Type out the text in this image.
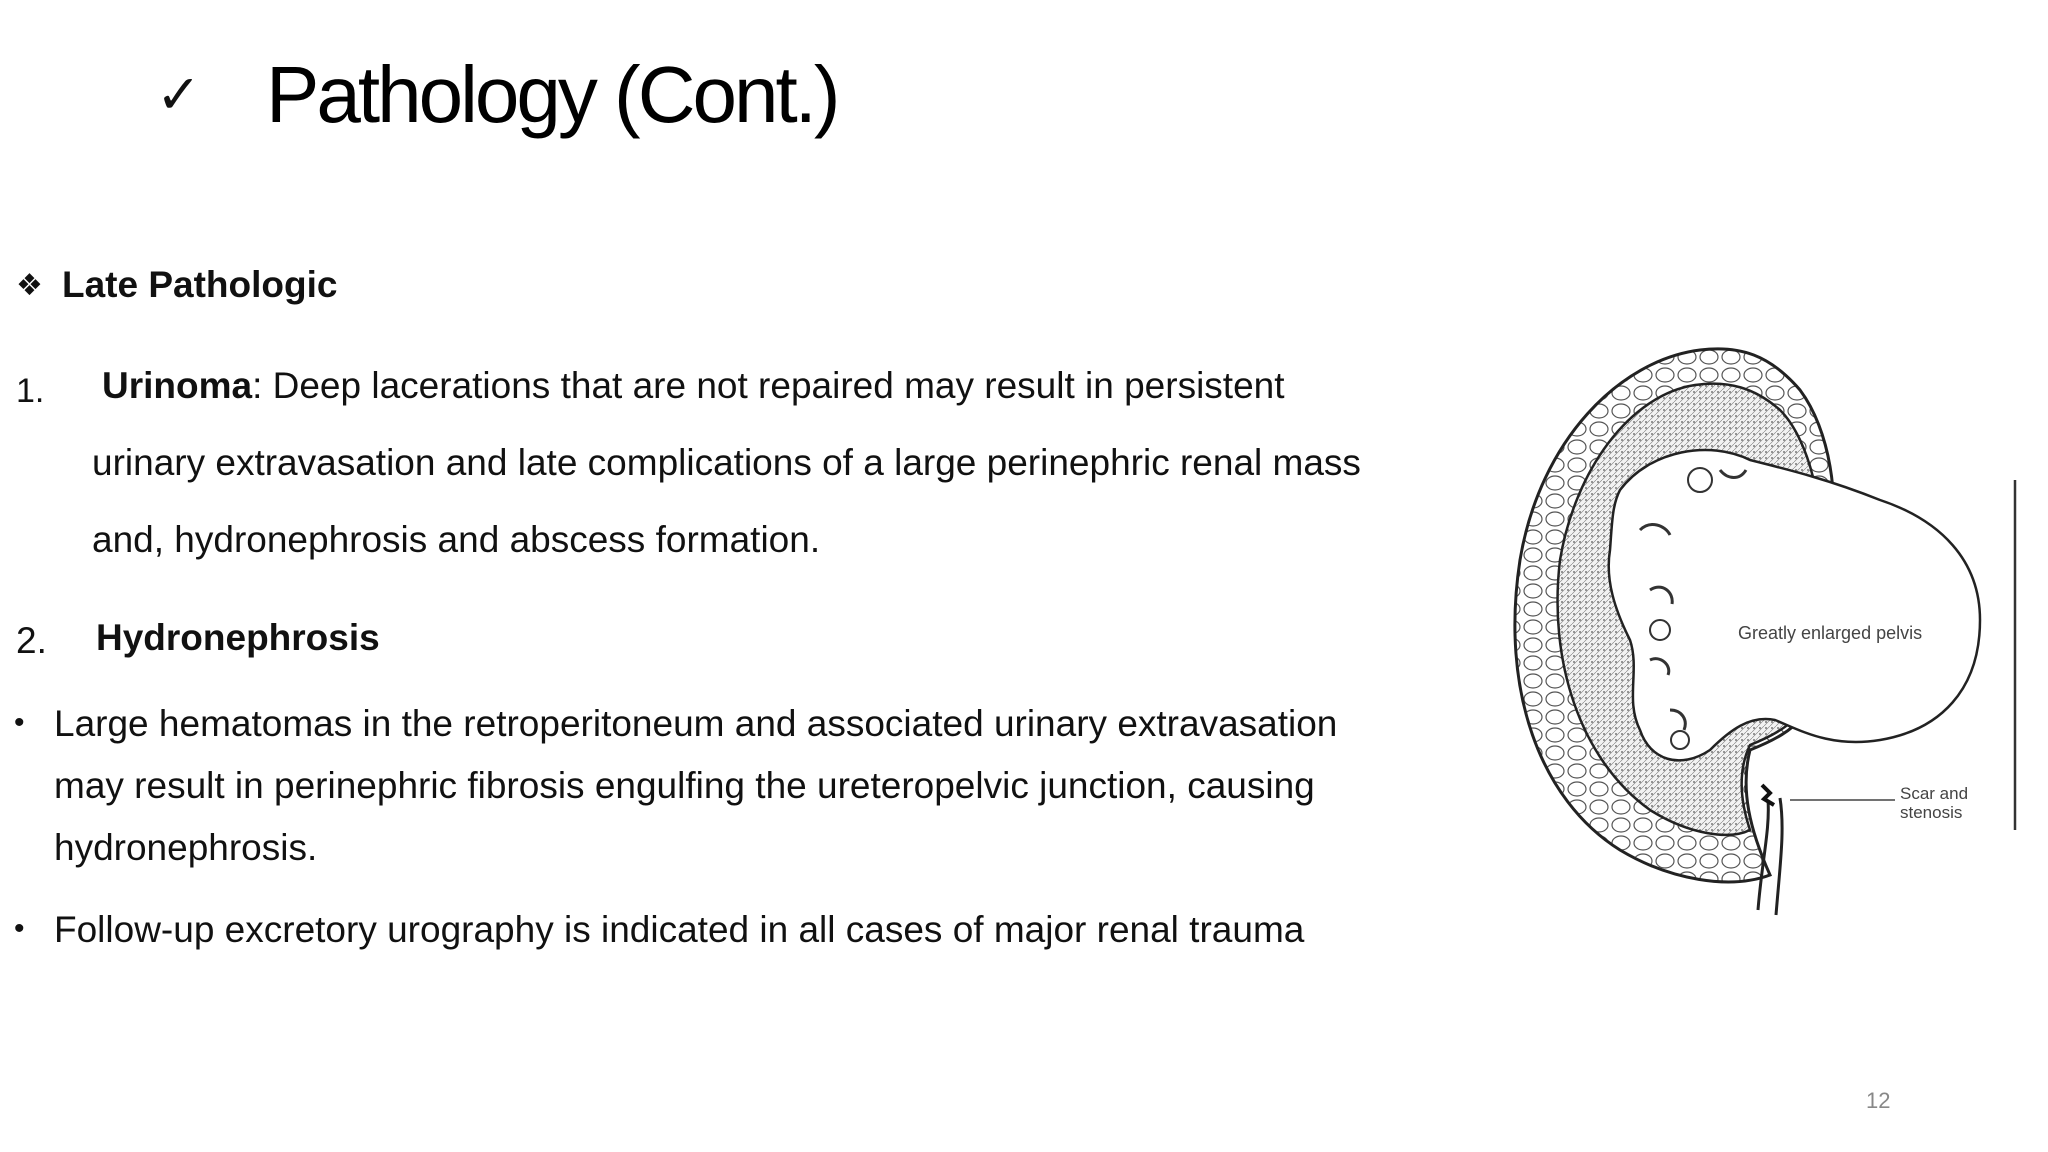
✓ Pathology (Cont.)
❖ Late Pathologic
1. Urinoma: Deep lacerations that are not repaired may result in persistent
urinary extravasation and late complications of a large perinephric renal mass
and, hydronephrosis and abscess formation.
2. Hydronephrosis
• Large hematomas in the retroperitoneum and associated urinary extravasation
may result in perinephric fibrosis engulfing the ureteropelvic junction, causing
hydronephrosis.
• Follow-up excretory urography is indicated in all cases of major renal trauma
Greatly enlarged pelvis
Scar and
stenosis
12
